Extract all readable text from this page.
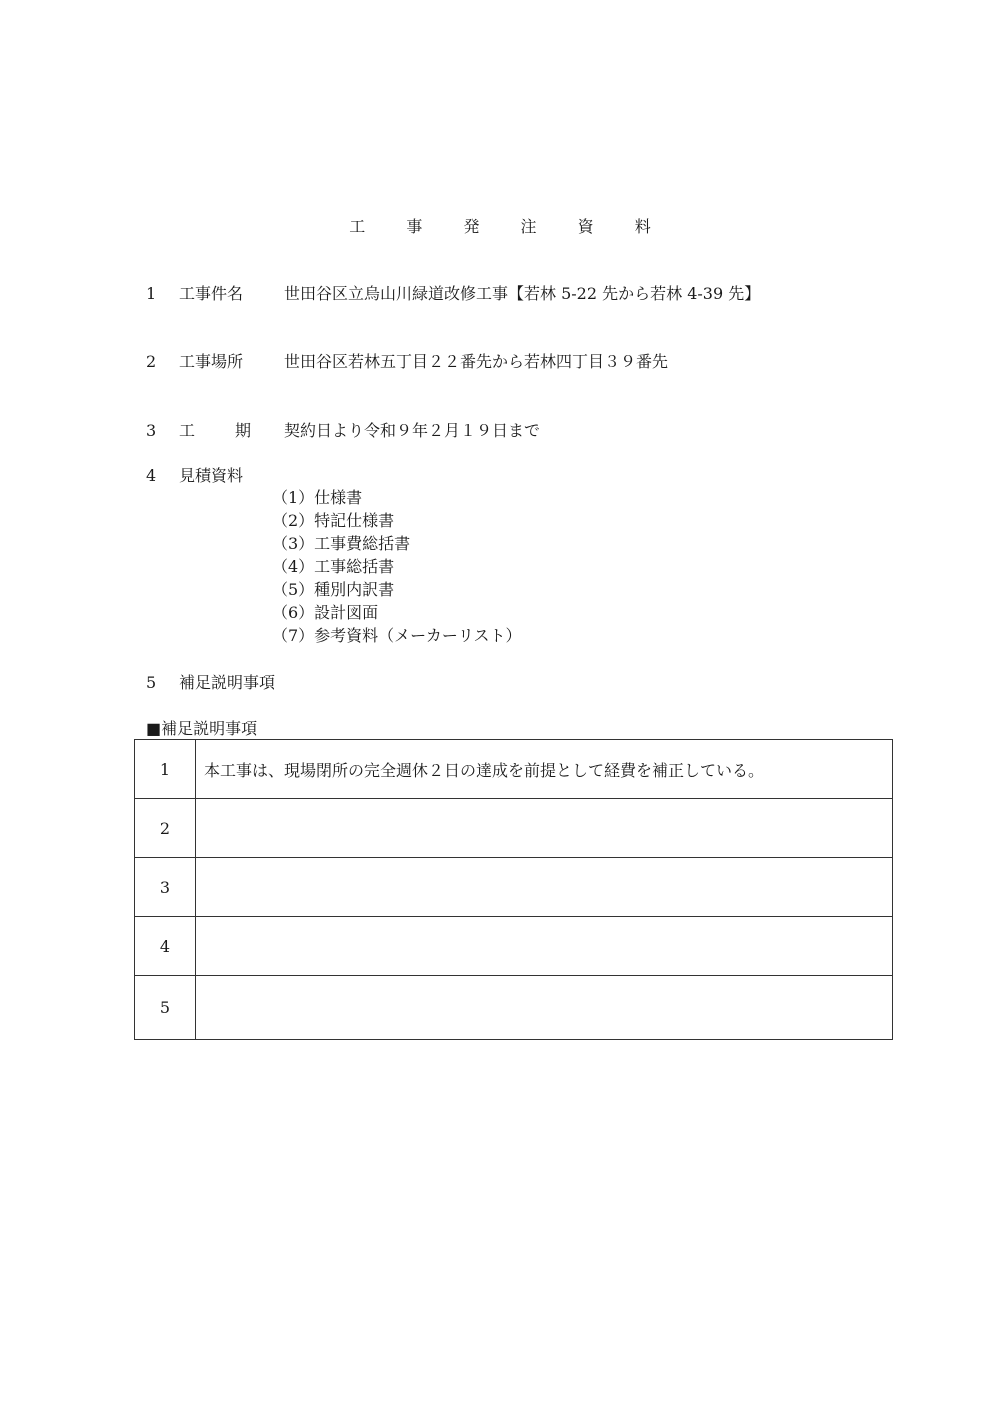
工	事	発	注	資	料
1 工事件名	世田谷区立烏山川緑道改修工事【若林 5-22 先から若林 4-39 先】
2 工事場所	世田谷区若林五丁目２２番先から若林四丁目３９番先
3 工	期 契約日より令和９年２月１９日まで
4 見積資料
（1）仕様書
（2）特記仕様書
（3）工事費総括書
（4）工事総括書
（5）種別内訳書
（6）設計図面
（7）参考資料（メーカーリスト）
5 補足説明事項
■補足説明事項
1	本工事は、現場閉所の完全週休２日の達成を前提として経費を補正している。
2	
3	
4	
5	
